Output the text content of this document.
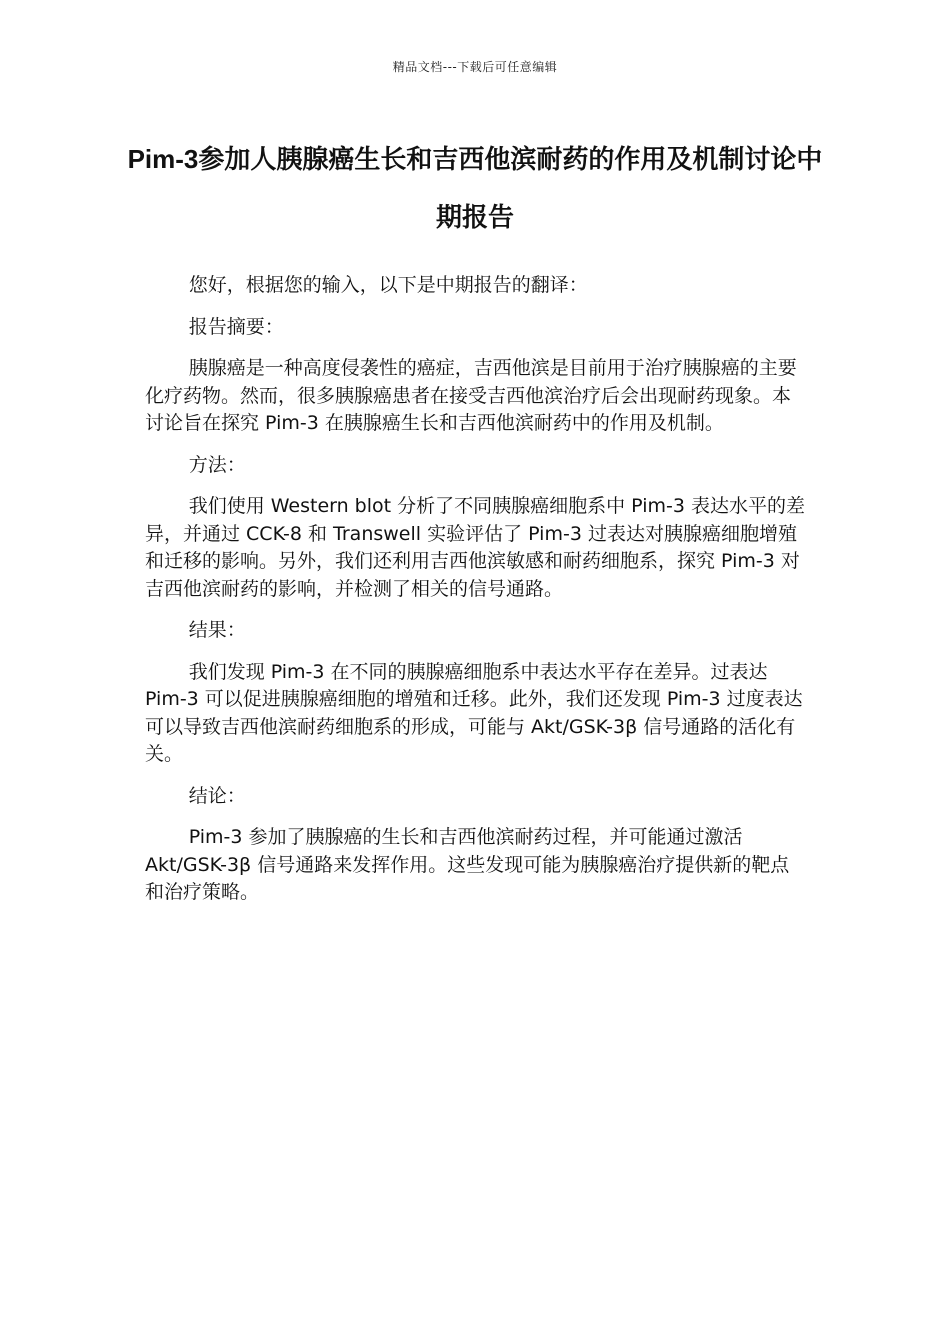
精品文档---下载后可任意编辑
Pim-3参加人胰腺癌生长和吉西他滨耐药的作用及机制讨论中期报告

您好，根据您的输入，以下是中期报告的翻译：

报告摘要：

胰腺癌是一种高度侵袭性的癌症，吉西他滨是目前用于治疗胰腺癌的主要化疗药物。然而，很多胰腺癌患者在接受吉西他滨治疗后会出现耐药现象。本讨论旨在探究 Pim-3 在胰腺癌生长和吉西他滨耐药中的作用及机制。

方法：

我们使用 Western blot 分析了不同胰腺癌细胞系中 Pim-3 表达水平的差异，并通过 CCK-8 和 Transwell 实验评估了 Pim-3 过表达对胰腺癌细胞增殖和迁移的影响。另外，我们还利用吉西他滨敏感和耐药细胞系，探究 Pim-3 对吉西他滨耐药的影响，并检测了相关的信号通路。

结果：

我们发现 Pim-3 在不同的胰腺癌细胞系中表达水平存在差异。过表达 Pim-3 可以促进胰腺癌细胞的增殖和迁移。此外，我们还发现 Pim-3 过度表达可以导致吉西他滨耐药细胞系的形成，可能与 Akt/GSK-3β 信号通路的活化有关。

结论：

Pim-3 参加了胰腺癌的生长和吉西他滨耐药过程，并可能通过激活 Akt/GSK-3β 信号通路来发挥作用。这些发现可能为胰腺癌治疗提供新的靶点和治疗策略。
